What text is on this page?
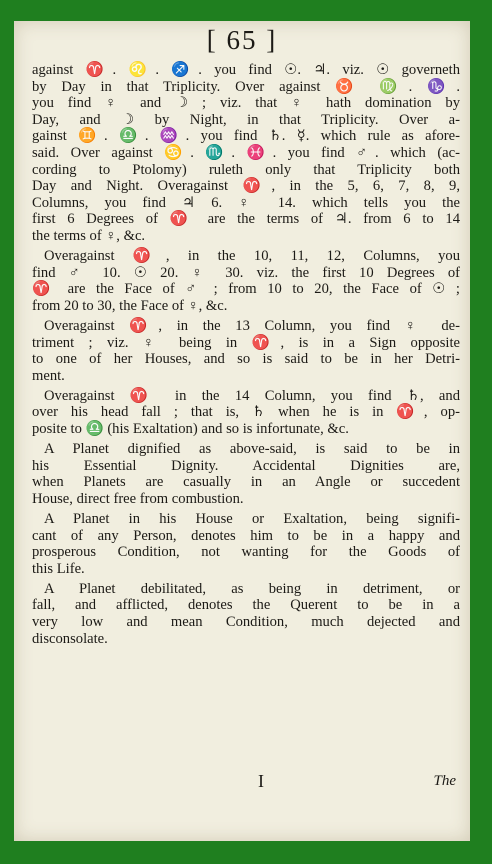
[ 65 ]
against ♈. ♌. ♐. you find ☉. ♃. viz. ☉ governeth
by Day in that Triplicity. Over against ♉ ♍. ♑.
you find ♀ and ☽ ; viz. that ♀ hath domination by
Day, and ☽ by Night, in that Triplicity. Over a-
gainst ♊. ♎. ♒. you find ♄. ☿. which rule as afore-
said. Over against ♋. ♏. ♓. you find ♂. which (ac-
cording to Ptolomy) ruleth only that Triplicity both
Day and Night. Overagainst ♈, in the 5, 6, 7, 8, 9,
Columns, you find ♃ 6. ♀ 14. which tells you the
first 6 Degrees of ♈ are the terms of ♃. from 6 to 14
the terms of ♀, &c.
Overagainst ♈, in the 10, 11, 12, Columns, you
find ♂ 10. ☉ 20. ♀ 30. viz. the first 10 Degrees of
♈ are the Face of ♂ ; from 10 to 20, the Face of ☉ ;
from 20 to 30, the Face of ♀, &c.
Overagainst ♈, in the 13 Column, you find ♀ de-
triment ; viz. ♀ being in ♈, is in a Sign opposite
to one of her Houses, and so is said to be in her Detri-
ment.
Overagainst ♈ in the 14 Column, you find ♄, and
over his head fall ; that is, ♄ when he is in ♈, op-
posite to ♎ (his Exaltation) and so is infortunate, &c.
A Planet dignified as above-said, is said to be in
his Essential Dignity. Accidental Dignities are,
when Planets are casually in an Angle or succedent
House, direct free from combustion.
A Planet in his House or Exaltation, being signifi-
cant of any Person, denotes him to be in a happy and
prosperous Condition, not wanting for the Goods of
this Life.
A Planet debilitated, as being in detriment, or
fall, and afflicted, denotes the Querent to be in a
very low and mean Condition, much dejected and
disconsolate.
I	The
